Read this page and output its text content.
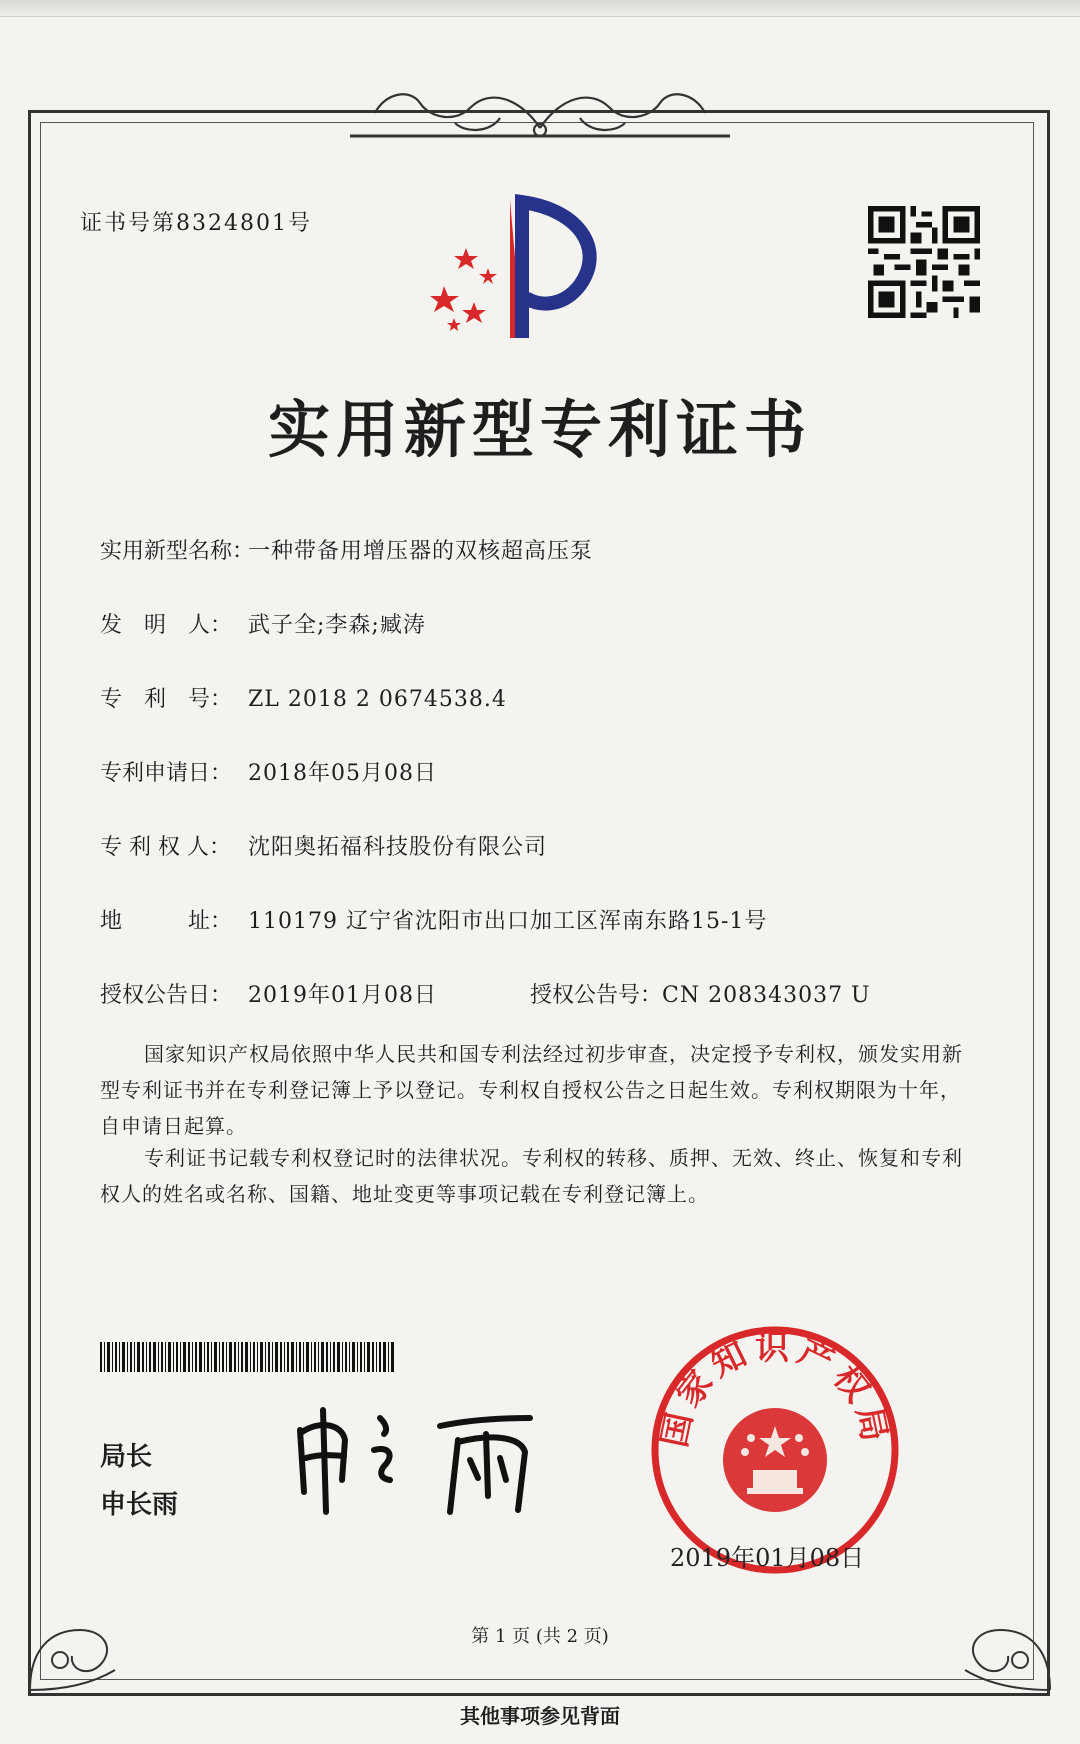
证书号第8324801号
实用新型专利证书
实用新型名称：一种带备用增压器的双核超高压泵
发　明　人： 武子全;李森;臧涛
专　利　号： ZL 2018 2 0674538.4
专利申请日： 2018年05月08日
专 利 权 人： 沈阳奥拓福科技股份有限公司
地　　　址： 110179 辽宁省沈阳市出口加工区浑南东路15-1号
授权公告日： 2019年01月08日	授权公告号：CN 208343037 U
国家知识产权局依照中华人民共和国专利法经过初步审查，决定授予专利权，颁发实用新型专利证书并在专利登记簿上予以登记。专利权自授权公告之日起生效。专利权期限为十年，自申请日起算。
专利证书记载专利权登记时的法律状况。专利权的转移、质押、无效、终止、恢复和专利权人的姓名或名称、国籍、地址变更等事项记载在专利登记簿上。
局长
申长雨
国家知识产权局
2019年01月08日
第 1 页 (共 2 页)
其他事项参见背面
